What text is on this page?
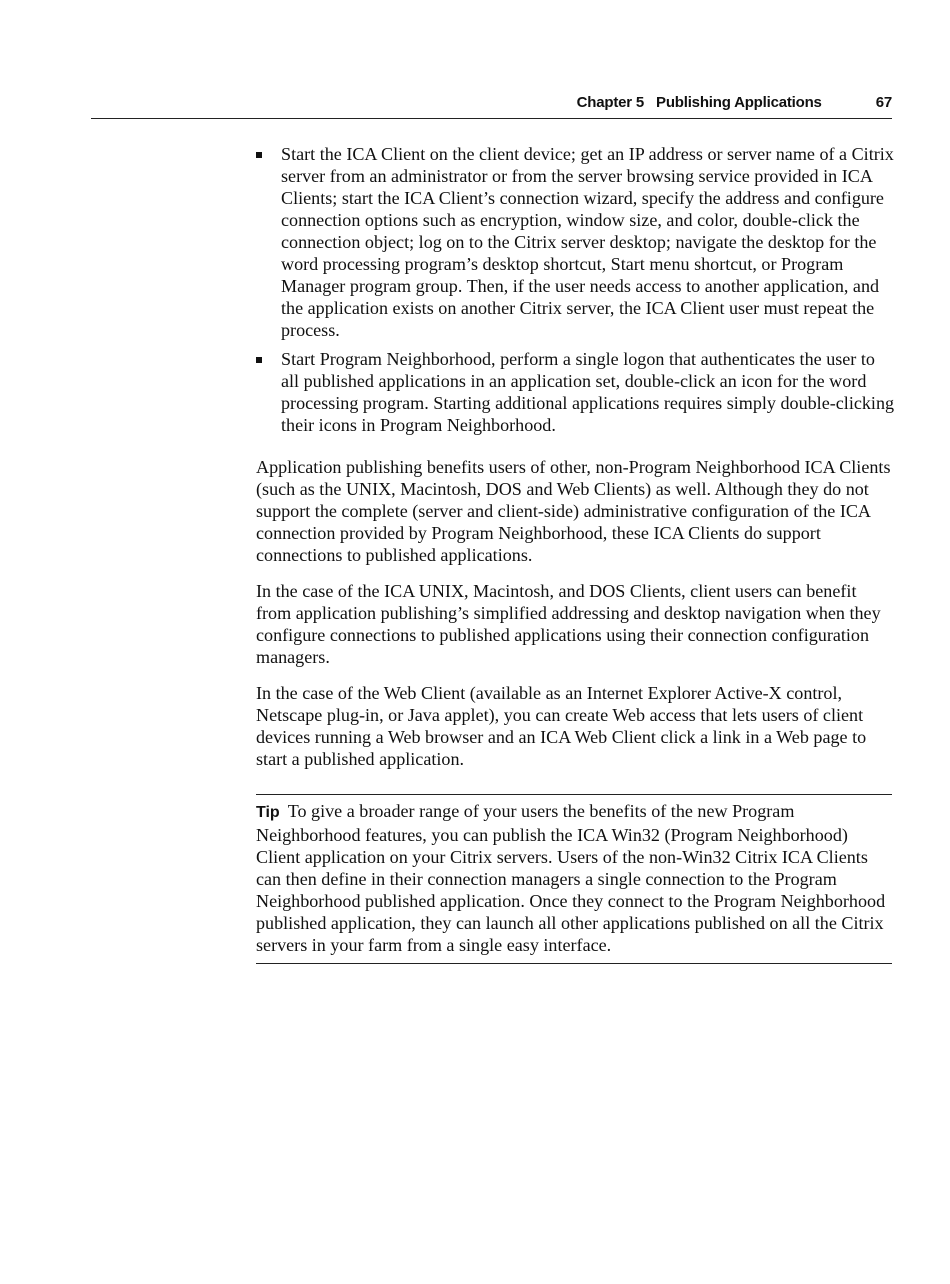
Chapter 5 Publishing Applications	67
Start the ICA Client on the client device; get an IP address or server name of a Citrix server from an administrator or from the server browsing service provided in ICA Clients; start the ICA Client’s connection wizard, specify the address and configure connection options such as encryption, window size, and color, double-click the connection object; log on to the Citrix server desktop; navigate the desktop for the word processing program’s desktop shortcut, Start menu shortcut, or Program Manager program group. Then, if the user needs access to another application, and the application exists on another Citrix server, the ICA Client user must repeat the process.
Start Program Neighborhood, perform a single logon that authenticates the user to all published applications in an application set, double-click an icon for the word processing program. Starting additional applications requires simply double-clicking their icons in Program Neighborhood.

Application publishing benefits users of other, non-Program Neighborhood ICA Clients (such as the UNIX, Macintosh, DOS and Web Clients) as well. Although they do not support the complete (server and client-side) administrative configuration of the ICA connection provided by Program Neighborhood, these ICA Clients do support connections to published applications.

In the case of the ICA UNIX, Macintosh, and DOS Clients, client users can benefit from application publishing’s simplified addressing and desktop navigation when they configure connections to published applications using their connection configuration managers.

In the case of the Web Client (available as an Internet Explorer Active-X control, Netscape plug-in, or Java applet), you can create Web access that lets users of client devices running a Web browser and an ICA Web Client click a link in a Web page to start a published application.

Tip To give a broader range of your users the benefits of the new Program Neighborhood features, you can publish the ICA Win32 (Program Neighborhood) Client application on your Citrix servers. Users of the non-Win32 Citrix ICA Clients can then define in their connection managers a single connection to the Program Neighborhood published application. Once they connect to the Program Neighborhood published application, they can launch all other applications published on all the Citrix servers in your farm from a single easy interface.
